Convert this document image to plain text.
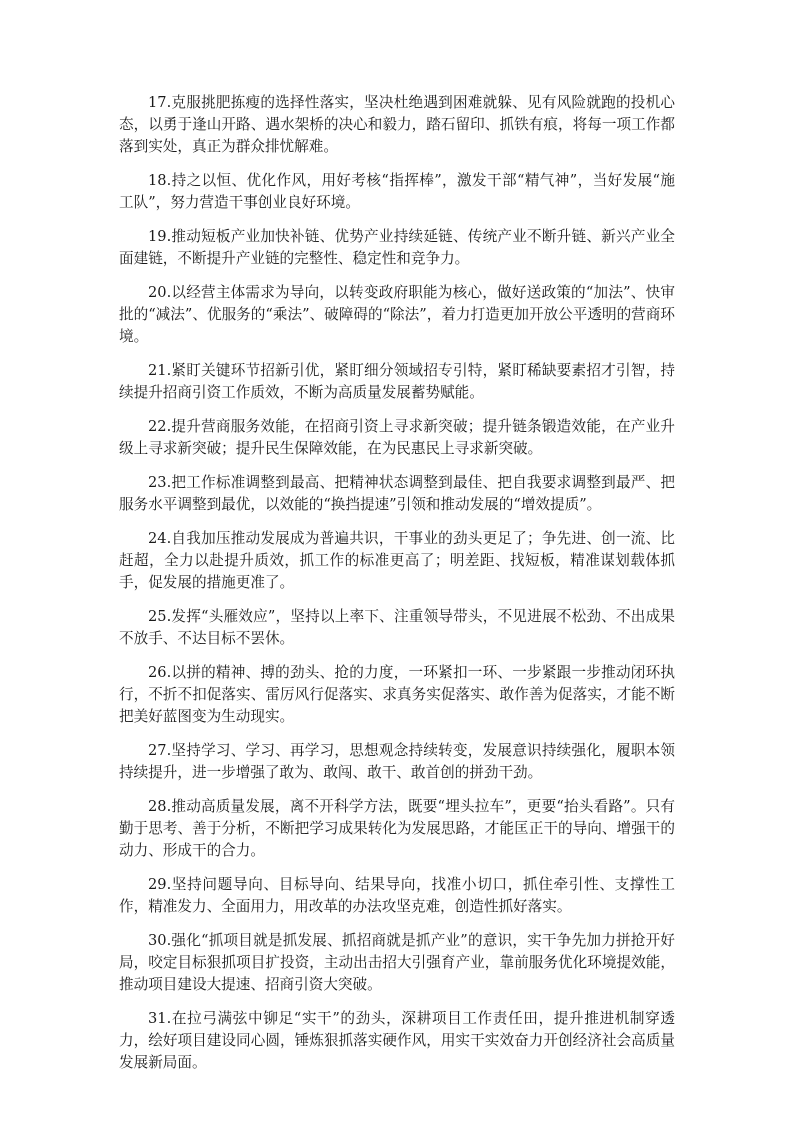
17.克服挑肥拣瘦的选择性落实，坚决杜绝遇到困难就躲、见有风险就跑的投机心态，以勇于逢山开路、遇水架桥的决心和毅力，踏石留印、抓铁有痕，将每一项工作都落到实处，真正为群众排忧解难。

18.持之以恒、优化作风，用好考核“指挥棒”，激发干部“精气神”，当好发展“施工队”，努力营造干事创业良好环境。

19.推动短板产业加快补链、优势产业持续延链、传统产业不断升链、新兴产业全面建链，不断提升产业链的完整性、稳定性和竞争力。

20.以经营主体需求为导向，以转变政府职能为核心，做好送政策的“加法”、快审批的“减法”、优服务的“乘法”、破障碍的“除法”，着力打造更加开放公平透明的营商环境。

21.紧盯关键环节招新引优，紧盯细分领域招专引特，紧盯稀缺要素招才引智，持续提升招商引资工作质效，不断为高质量发展蓄势赋能。

22.提升营商服务效能，在招商引资上寻求新突破；提升链条锻造效能，在产业升级上寻求新突破；提升民生保障效能，在为民惠民上寻求新突破。

23.把工作标准调整到最高、把精神状态调整到最佳、把自我要求调整到最严、把服务水平调整到最优，以效能的“换挡提速”引领和推动发展的“增效提质”。

24.自我加压推动发展成为普遍共识，干事业的劲头更足了；争先进、创一流、比赶超，全力以赴提升质效，抓工作的标准更高了；明差距、找短板，精准谋划载体抓手，促发展的措施更准了。

25.发挥“头雁效应”，坚持以上率下、注重领导带头，不见进展不松劲、不出成果不放手、不达目标不罢休。

26.以拼的精神、搏的劲头、抢的力度，一环紧扣一环、一步紧跟一步推动闭环执行，不折不扣促落实、雷厉风行促落实、求真务实促落实、敢作善为促落实，才能不断把美好蓝图变为生动现实。

27.坚持学习、学习、再学习，思想观念持续转变，发展意识持续强化，履职本领持续提升，进一步增强了敢为、敢闯、敢干、敢首创的拼劲干劲。

28.推动高质量发展，离不开科学方法，既要“埋头拉车”，更要“抬头看路”。只有勤于思考、善于分析，不断把学习成果转化为发展思路，才能匡正干的导向、增强干的动力、形成干的合力。

29.坚持问题导向、目标导向、结果导向，找准小切口，抓住牵引性、支撑性工作，精准发力、全面用力，用改革的办法攻坚克难，创造性抓好落实。

30.强化“抓项目就是抓发展、抓招商就是抓产业”的意识，实干争先加力拼抢开好局，咬定目标狠抓项目扩投资，主动出击招大引强育产业，靠前服务优化环境提效能，推动项目建设大提速、招商引资大突破。

31.在拉弓满弦中铆足“实干”的劲头，深耕项目工作责任田，提升推进机制穿透力，绘好项目建设同心圆，锤炼狠抓落实硬作风，用实干实效奋力开创经济社会高质量发展新局面。
